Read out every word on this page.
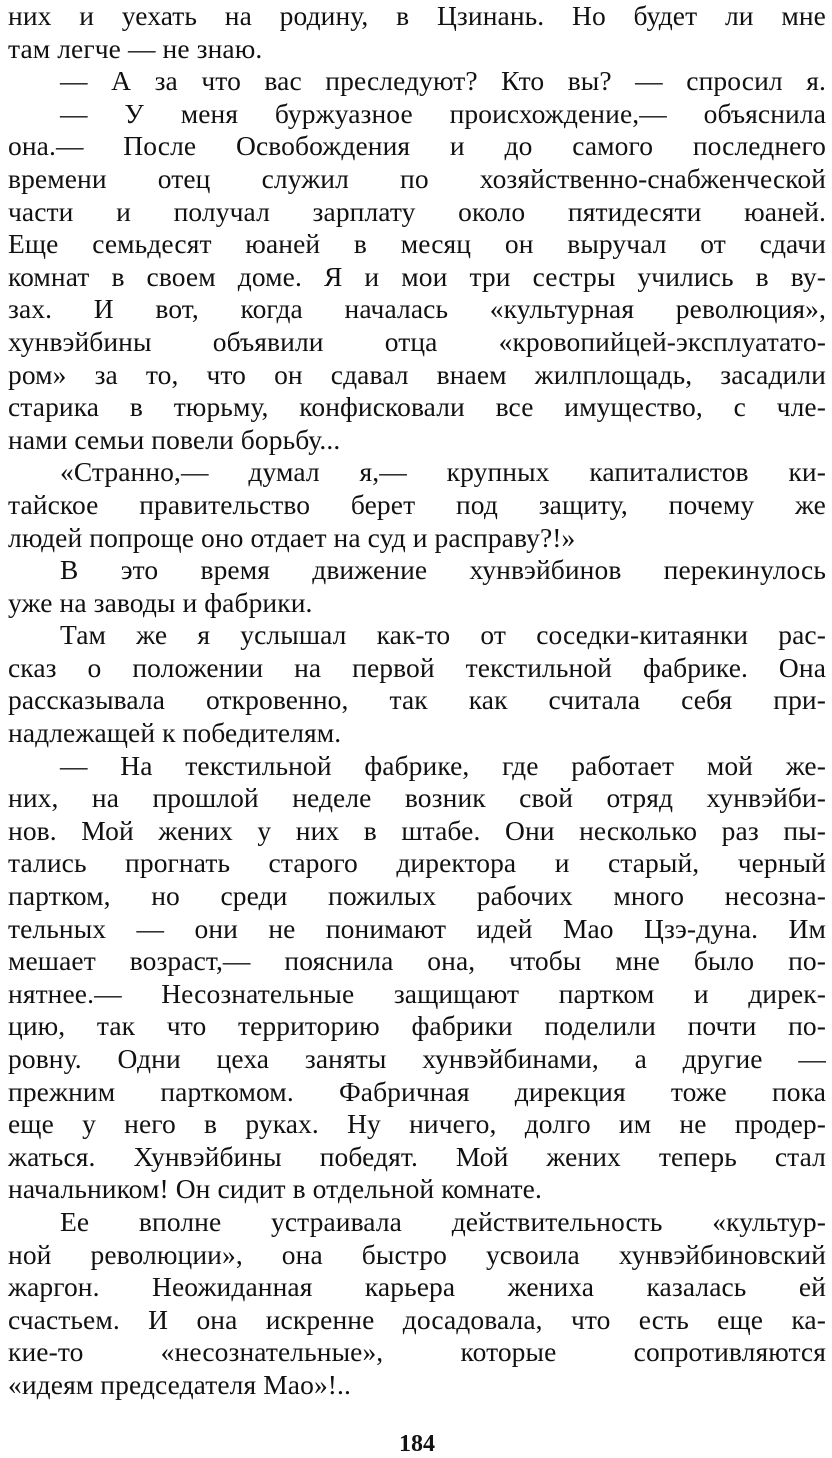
них и уехать на родину, в Цзинань. Но будет ли мне
там легче — не знаю.
— А за что вас преследуют? Кто вы? — спросил я.
— У меня буржуазное происхождение,— объяснила
она.— После Освобождения и до самого последнего
времени отец служил по хозяйственно-снабженческой
части и получал зарплату около пятидесяти юаней.
Еще семьдесят юаней в месяц он выручал от сдачи
комнат в своем доме. Я и мои три сестры учились в ву-
зах. И вот, когда началась «культурная революция»,
хунвэйбины объявили отца «кровопийцей-эксплуататo-
ром» за то, что он сдавал внаем жилплощадь, засадили
старика в тюрьму, конфисковали все имущество, с чле-
нами семьи повели борьбу...
«Странно,— думал я,— крупных капиталистов ки-
тайское правительство берет под защиту, почему же
людей попроще оно отдает на суд и расправу?!»
В это время движение хунвэйбинов перекинулось
уже на заводы и фабрики.
Там же я услышал как-то от соседки-китаянки рас-
сказ о положении на первой текстильной фабрике. Она
рассказывала откровенно, так как считала себя при-
надлежащей к победителям.
— На текстильной фабрике, где работает мой же-
них, на прошлой неделе возник свой отряд хунвэйби-
нов. Мой жених у них в штабе. Они несколько раз пы-
тались прогнать старого директора и старый, черный
партком, но среди пожилых рабочих много несозна-
тельных — они не понимают идей Мао Цзэ-дуна. Им
мешает возраст,— пояснила она, чтобы мне было по-
нятнее.— Несознательные защищают партком и дирек-
цию, так что территорию фабрики поделили почти по-
ровну. Одни цеха заняты хунвэйбинами, а другие —
прежним парткомом. Фабричная дирекция тоже пока
еще у него в руках. Ну ничего, долго им не продер-
жаться. Хунвэйбины победят. Мой жених теперь стал
начальником! Он сидит в отдельной комнате.
Ее вполне устраивала действительность «культур-
ной революции», она быстро усвоила хунвэйбиновский
жаргон. Неожиданная карьера жениха казалась ей
счастьем. И она искренне досадовала, что есть еще ка-
кие-то «несознательные», которые сопротивляются
«идеям председателя Мао»!..
184
